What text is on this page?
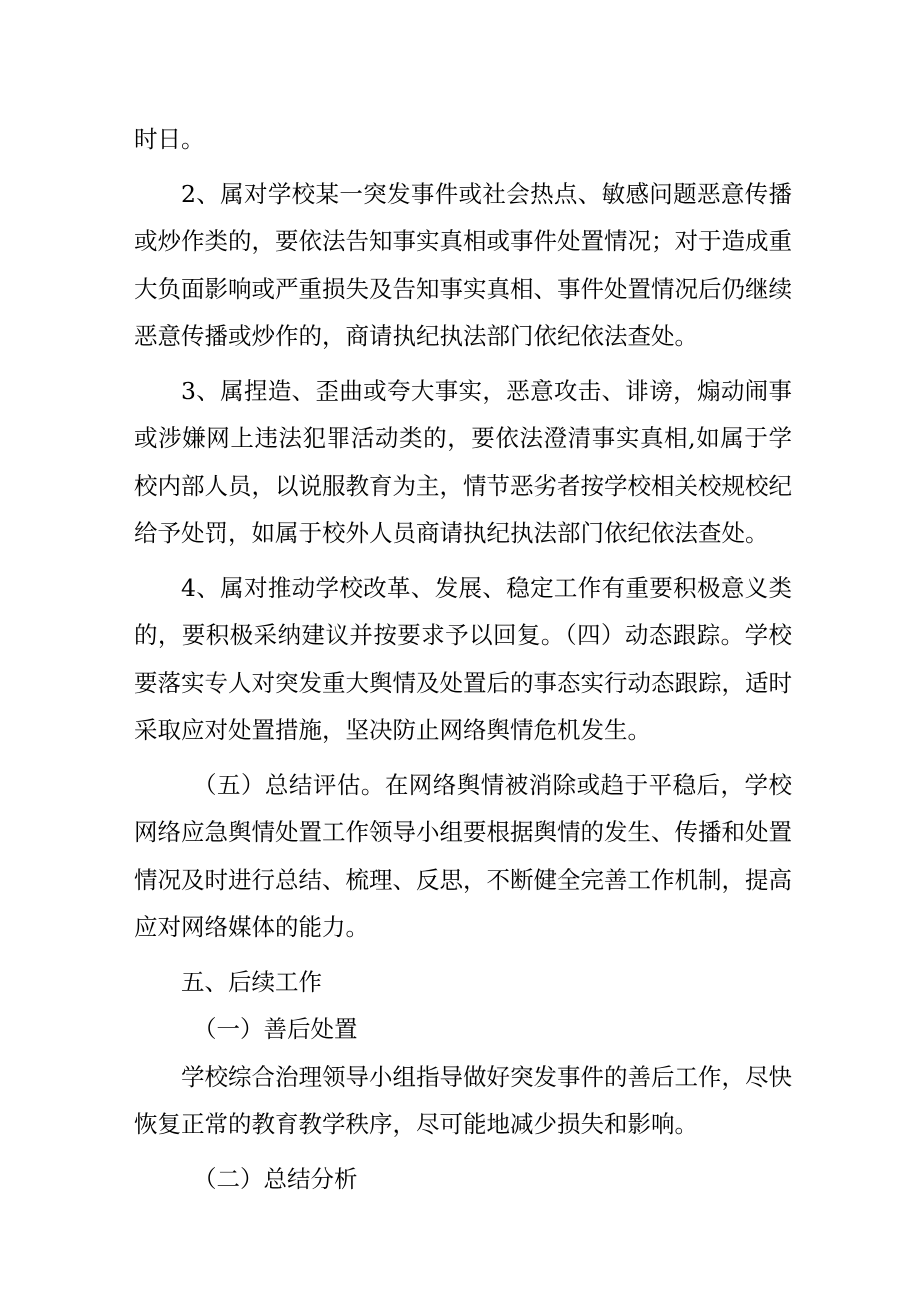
时日。

2、属对学校某一突发事件或社会热点、敏感问题恶意传播或炒作类的，要依法告知事实真相或事件处置情况；对于造成重大负面影响或严重损失及告知事实真相、事件处置情况后仍继续恶意传播或炒作的，商请执纪执法部门依纪依法查处。

3、属捏造、歪曲或夸大事实，恶意攻击、诽谤，煽动闹事或涉嫌网上违法犯罪活动类的，要依法澄清事实真相,如属于学校内部人员，以说服教育为主，情节恶劣者按学校相关校规校纪给予处罚，如属于校外人员商请执纪执法部门依纪依法查处。

4、属对推动学校改革、发展、稳定工作有重要积极意义类的，要积极采纳建议并按要求予以回复。（四）动态跟踪。学校要落实专人对突发重大舆情及处置后的事态实行动态跟踪，适时采取应对处置措施，坚决防止网络舆情危机发生。

（五）总结评估。在网络舆情被消除或趋于平稳后，学校网络应急舆情处置工作领导小组要根据舆情的发生、传播和处置情况及时进行总结、梳理、反思，不断健全完善工作机制，提高应对网络媒体的能力。

五、后续工作

（一）善后处置

学校综合治理领导小组指导做好突发事件的善后工作，尽快恢复正常的教育教学秩序，尽可能地减少损失和影响。

（二）总结分析
